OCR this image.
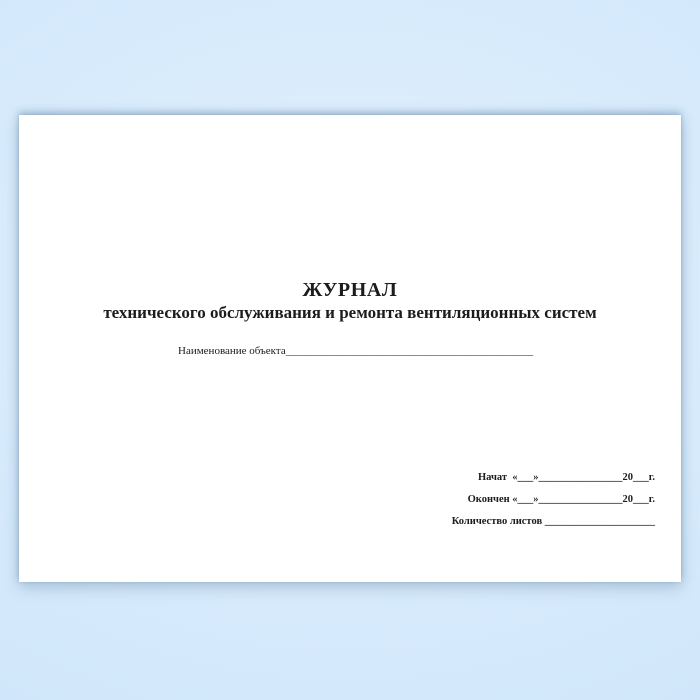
ЖУРНАЛ
технического обслуживания и ремонта вентиляционных систем
Наименование объекта_____________________________________________
Начат  «___»________________20___г.
Окончен «___»________________20___г.
Количество листов _____________________
